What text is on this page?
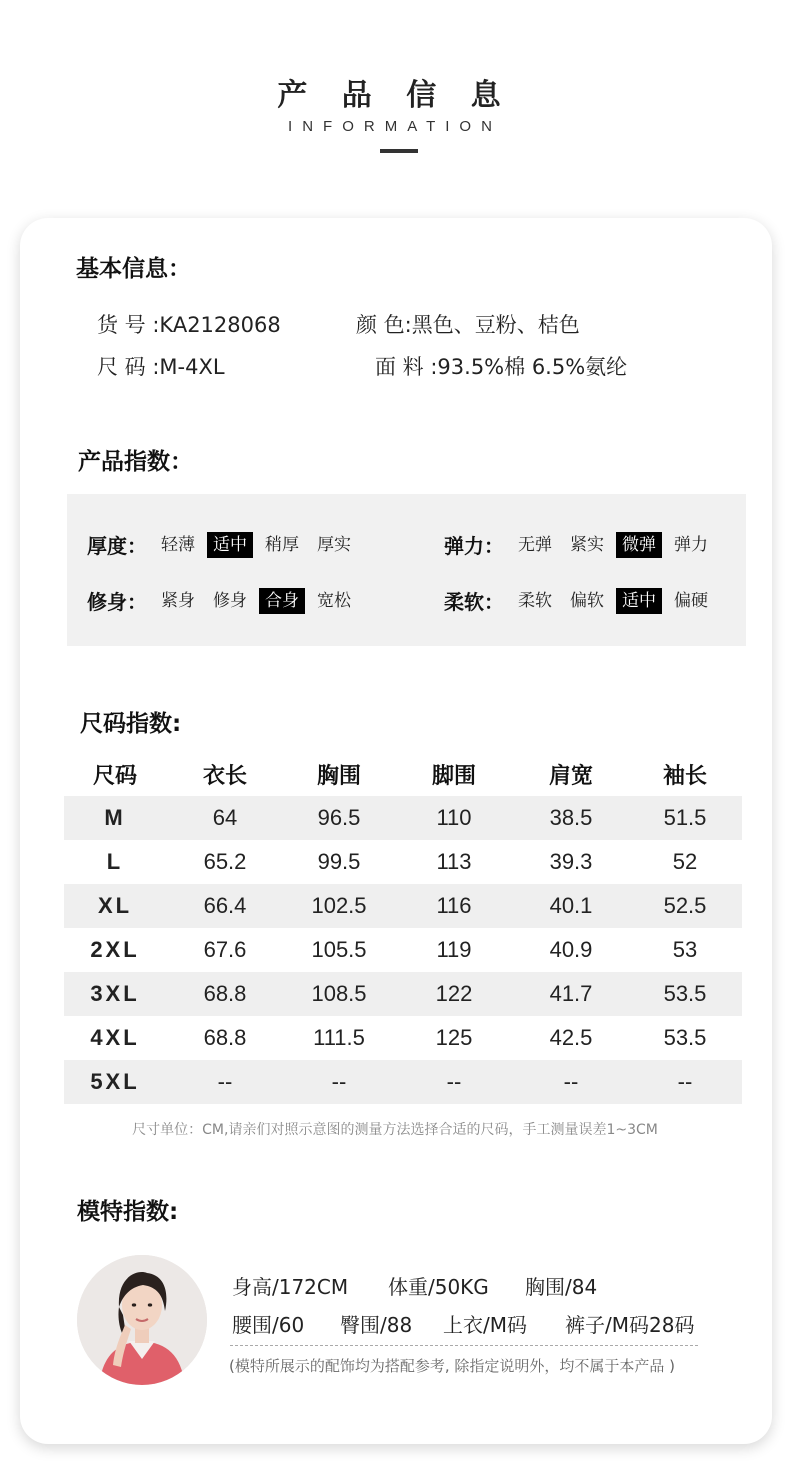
产 品 信 息
INFORMATION
基本信息：
货 号 :KA2128068	颜 色:黑色、豆粉、桔色
尺 码 :M-4XL	面 料 :93.5%棉 6.5%氨纶
产品指数：
厚度： 轻薄	适中	稍厚	厚实	弹力： 无弹	紧实	微弹	弹力
修身： 紧身	修身	合身	宽松	柔软： 柔软	偏软	适中	偏硬
尺码指数:
尺码	衣长	胸围	脚围	肩宽	袖长
M	64	96.5	110	38.5	51.5
L	65.2	99.5	113	39.3	52
XL	66.4	102.5	116	40.1	52.5
2XL	67.6	105.5	119	40.9	53
3XL	68.8	108.5	122	41.7	53.5
4XL	68.8	111.5	125	42.5	53.5
5XL	--	--	--	--	--
尺寸单位：CM,请亲们对照示意图的测量方法选择合适的尺码，手工测量误差1~3CM
模特指数:
身高/172CM 体重/50KG 胸围/84
腰围/60 臀围/88 上衣/M码 裤子/M码28码
(模特所展示的配饰均为搭配参考, 除指定说明外，均不属于本产品 )
